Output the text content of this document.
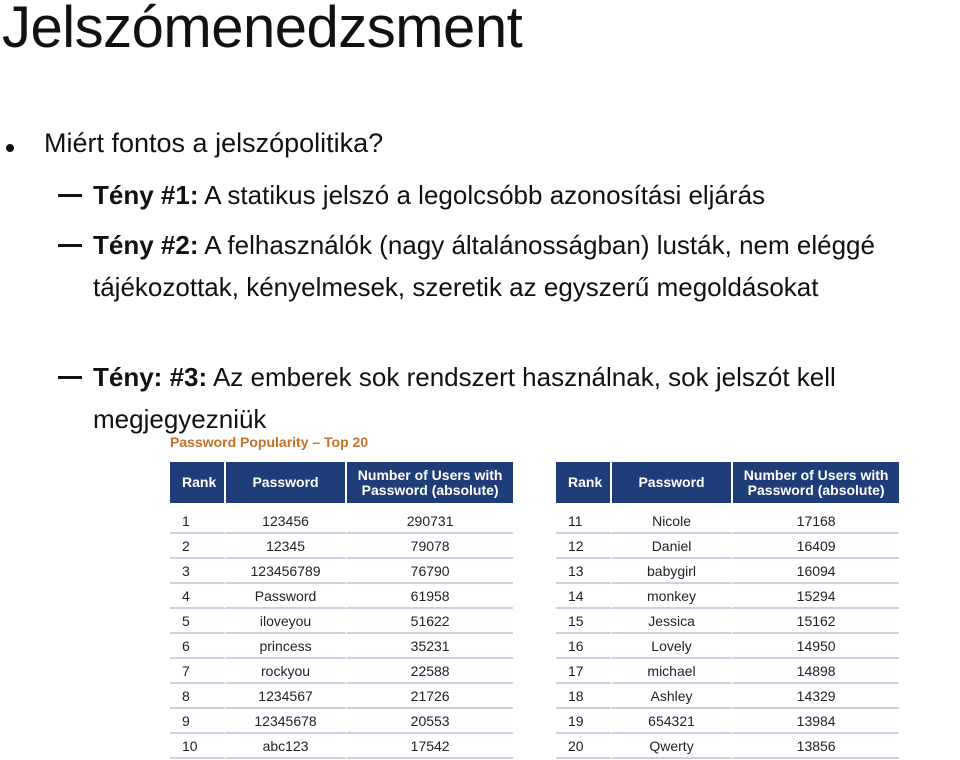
Jelszómenedzsment
Miért fontos a jelszópolitika?
Tény #1: A statikus jelszó a legolcsóbb azonosítási eljárás
Tény #2: A felhasználók (nagy általánosságban) lusták, nem eléggé tájékozottak, kényelmesek, szeretik az egyszerű megoldásokat
Tény: #3: Az emberek sok rendszert használnak, sok jelszót kell megjegyezniük
Password Popularity – Top 20
Rank	Password	Number of Users with
Password (absolute)
1	123456	290731
2	12345	79078
3	123456789	76790
4	Password	61958
5	iloveyou	51622
6	princess	35231
7	rockyou	22588
8	1234567	21726
9	12345678	20553
10	abc123	17542
Rank	Password	Number of Users with
Password (absolute)
11	Nicole	17168
12	Daniel	16409
13	babygirl	16094
14	monkey	15294
15	Jessica	15162
16	Lovely	14950
17	michael	14898
18	Ashley	14329
19	654321	13984
20	Qwerty	13856
